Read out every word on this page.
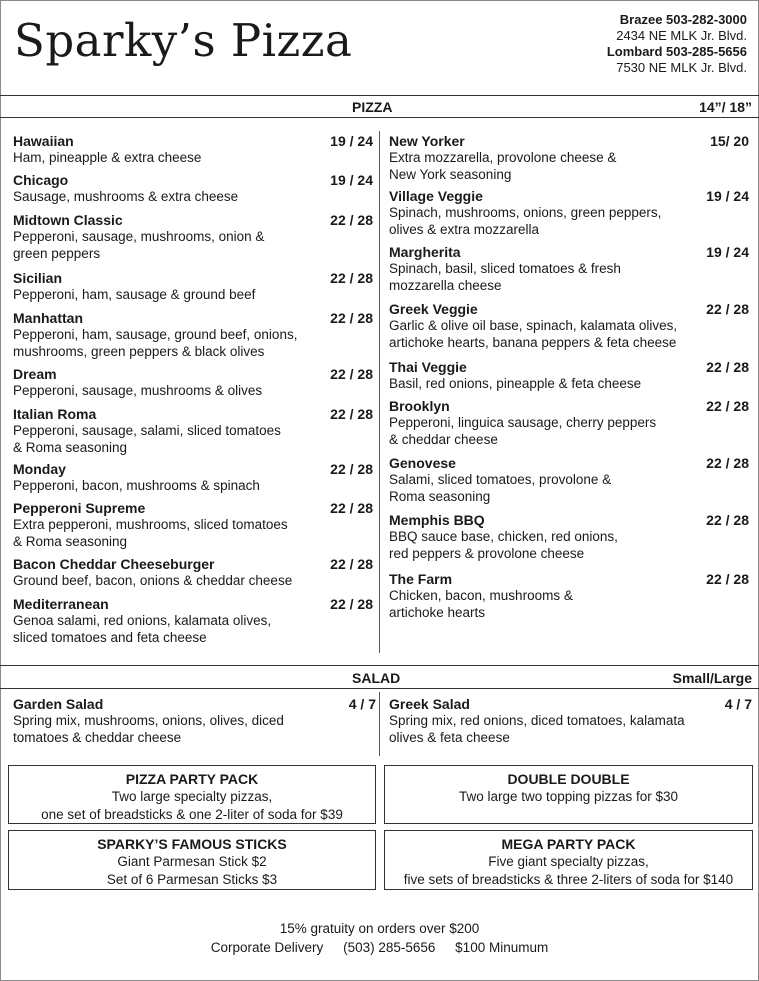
Sparky’s Pizza	Brazee 503-282-3000
2434 NE MLK Jr. Blvd.
Lombard 503-285-5656
7530 NE MLK Jr. Blvd.
PIZZA	14”/ 18”
Hawaiian	19 / 24
Ham, pineapple & extra cheese
Chicago	19 / 24
Sausage, mushrooms & extra cheese
Midtown Classic	22 / 28
Pepperoni, sausage, mushrooms, onion &
green peppers
Sicilian	22 / 28
Pepperoni, ham, sausage & ground beef
Manhattan	22 / 28
Pepperoni, ham, sausage, ground beef, onions,
mushrooms, green peppers & black olives
Dream	22 / 28
Pepperoni, sausage, mushrooms & olives
Italian Roma	22 / 28
Pepperoni, sausage, salami, sliced tomatoes
& Roma seasoning
Monday	22 / 28
Pepperoni, bacon, mushrooms & spinach
Pepperoni Supreme	22 / 28
Extra pepperoni, mushrooms, sliced tomatoes
& Roma seasoning
Bacon Cheddar Cheeseburger	22 / 28
Ground beef, bacon, onions & cheddar cheese
Mediterranean	22 / 28
Genoa salami, red onions, kalamata olives,
sliced tomatoes and feta cheese
New Yorker	15/ 20
Extra mozzarella, provolone cheese &
New York seasoning
Village Veggie	19 / 24
Spinach, mushrooms, onions, green peppers,
olives & extra mozzarella
Margherita	19 / 24
Spinach, basil, sliced tomatoes & fresh
mozzarella cheese
Greek Veggie	22 / 28
Garlic & olive oil base, spinach, kalamata olives,
artichoke hearts, banana peppers & feta cheese
Thai Veggie	22 / 28
Basil, red onions, pineapple & feta cheese
Brooklyn	22 / 28
Pepperoni, linguica sausage, cherry peppers
& cheddar cheese
Genovese	22 / 28
Salami, sliced tomatoes, provolone &
Roma seasoning
Memphis BBQ	22 / 28
BBQ sauce base, chicken, red onions,
red peppers & provolone cheese
The Farm	22 / 28
Chicken, bacon, mushrooms &
artichoke hearts
SALAD	Small/Large
Garden Salad	4 / 7
Spring mix, mushrooms, onions, olives, diced
tomatoes & cheddar cheese
Greek Salad	4 / 7
Spring mix, red onions, diced tomatoes, kalamata
olives & feta cheese
PIZZA PARTY PACK
Two large specialty pizzas,
one set of breadsticks & one 2-liter of soda for $39
DOUBLE DOUBLE
Two large two topping pizzas for $30
SPARKY’S FAMOUS STICKS
Giant Parmesan Stick $2
Set of 6 Parmesan Sticks $3
MEGA PARTY PACK
Five giant specialty pizzas,
five sets of breadsticks & three 2-liters of soda for $140
15% gratuity on orders over $200
Corporate Delivery (503) 285-5656 $100 Minumum
